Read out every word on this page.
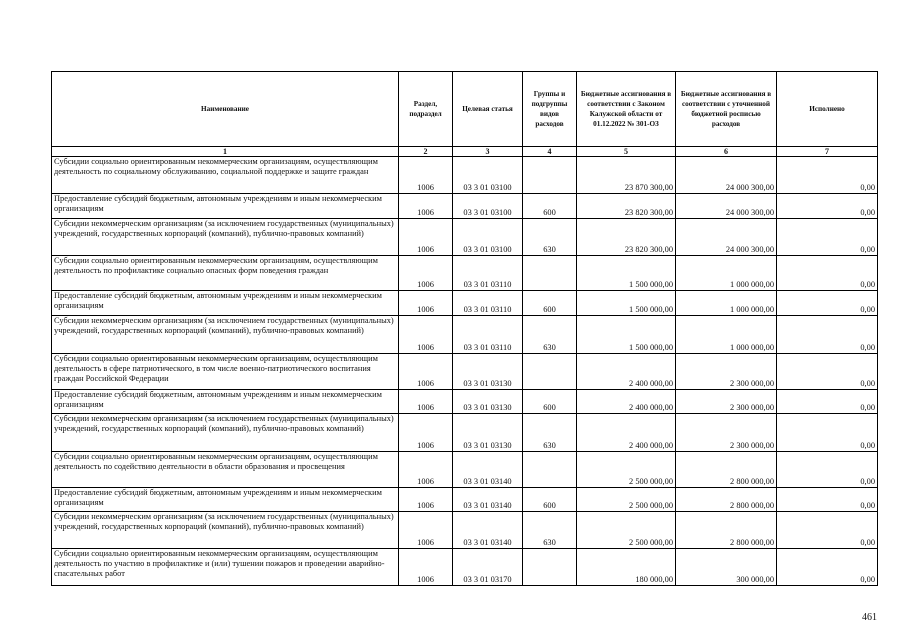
Наименование	Раздел, подраздел	Целевая статья	Группы и подгруппы видов расходов	Бюджетные ассигнования в соответствии с Законом Калужской области от 01.12.2022 № 301-ОЗ	Бюджетные ассигнования в соответствии с уточненной бюджетной росписью расходов	Исполнено
1	2	3	4	5	6	7
Субсидии социально ориентированным некоммерческим организациям, осуществляющим деятельность по социальному обслуживанию, социальной поддержке и защите граждан	1006	03 3 01 03100		23 870 300,00	24 000 300,00	0,00
Предоставление субсидий бюджетным, автономным учреждениям и иным некоммерческим организациям	1006	03 3 01 03100	600	23 820 300,00	24 000 300,00	0,00
Субсидии некоммерческим организациям (за исключением государственных (муниципальных) учреждений, государственных корпораций (компаний), публично-правовых компаний)	1006	03 3 01 03100	630	23 820 300,00	24 000 300,00	0,00
Субсидии социально ориентированным некоммерческим организациям, осуществляющим деятельность по профилактике социально опасных форм поведения граждан	1006	03 3 01 03110		1 500 000,00	1 000 000,00	0,00
Предоставление субсидий бюджетным, автономным учреждениям и иным некоммерческим организациям	1006	03 3 01 03110	600	1 500 000,00	1 000 000,00	0,00
Субсидии некоммерческим организациям (за исключением государственных (муниципальных) учреждений, государственных корпораций (компаний), публично-правовых компаний)	1006	03 3 01 03110	630	1 500 000,00	1 000 000,00	0,00
Субсидии социально ориентированным некоммерческим организациям, осуществляющим деятельность в сфере патриотического, в том числе военно-патриотического воспитания граждан Российской Федерации	1006	03 3 01 03130		2 400 000,00	2 300 000,00	0,00
Предоставление субсидий бюджетным, автономным учреждениям и иным некоммерческим организациям	1006	03 3 01 03130	600	2 400 000,00	2 300 000,00	0,00
Субсидии некоммерческим организациям (за исключением государственных (муниципальных) учреждений, государственных корпораций (компаний), публично-правовых компаний)	1006	03 3 01 03130	630	2 400 000,00	2 300 000,00	0,00
Субсидии социально ориентированным некоммерческим организациям, осуществляющим деятельность по содействию деятельности в области образования и просвещения	1006	03 3 01 03140		2 500 000,00	2 800 000,00	0,00
Предоставление субсидий бюджетным, автономным учреждениям и иным некоммерческим организациям	1006	03 3 01 03140	600	2 500 000,00	2 800 000,00	0,00
Субсидии некоммерческим организациям (за исключением государственных (муниципальных) учреждений, государственных корпораций (компаний), публично-правовых компаний)	1006	03 3 01 03140	630	2 500 000,00	2 800 000,00	0,00
Субсидии социально ориентированным некоммерческим организациям, осуществляющим деятельность по участию в профилактике и (или) тушении пожаров и проведении аварийно-спасательных работ	1006	03 3 01 03170		180 000,00	300 000,00	0,00
461
